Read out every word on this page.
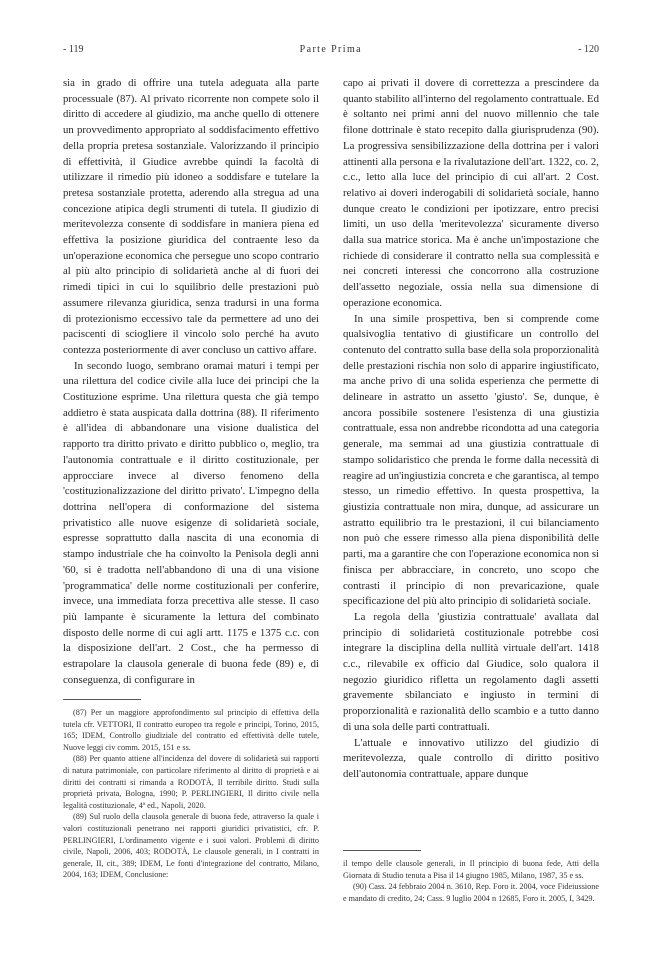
- 119	Parte Prima	- 120

sia in grado di offrire una tutela adeguata alla parte processuale (87). Al privato ricorrente non compete solo il diritto di accedere al giudizio, ma anche quello di ottenere un provvedimento appropriato al soddisfacimento effettivo della propria pretesa sostanziale. Valorizzando il principio di effettività, il Giudice avrebbe quindi la facoltà di utilizzare il rimedio più idoneo a soddisfare e tutelare la pretesa sostanziale protetta, aderendo alla stregua ad una concezione atipica degli strumenti di tutela. Il giudizio di meritevolezza consente di soddisfare in maniera piena ed effettiva la posizione giuridica del contraente leso da un'operazione economica che persegue uno scopo contrario al più alto principio di solidarietà anche al di fuori dei rimedi tipici in cui lo squilibrio delle prestazioni può assumere rilevanza giuridica, senza tradursi in una forma di protezionismo eccessivo tale da permettere ad uno dei paciscenti di sciogliere il vincolo solo perché ha avuto contezza posteriormente di aver concluso un cattivo affare.

In secondo luogo, sembrano oramai maturi i tempi per una rilettura del codice civile alla luce dei principi che la Costituzione esprime. Una rilettura questa che già tempo addietro è stata auspicata dalla dottrina (88). Il riferimento è all'idea di abbandonare una visione dualistica del rapporto tra diritto privato e diritto pubblico o, meglio, tra l'autonomia contrattuale e il diritto costituzionale, per approcciare invece al diverso fenomeno della 'costituzionalizzazione del diritto privato'. L'impegno della dottrina nell'opera di conformazione del sistema privatistico alle nuove esigenze di solidarietà sociale, espresse soprattutto dalla nascita di una economia di stampo industriale che ha coinvolto la Penisola degli anni '60, si è tradotta nell'abbandono di una di una visione 'programmatica' delle norme costituzionali per conferire, invece, una immediata forza precettiva alle stesse. Il caso più lampante è sicuramente la lettura del combinato disposto delle norme di cui agli artt. 1175 e 1375 c.c. con la disposizione dell'art. 2 Cost., che ha permesso di estrapolare la clausola generale di buona fede (89) e, di conseguenza, di configurare in

capo ai privati il dovere di correttezza a prescindere da quanto stabilito all'interno del regolamento contrattuale. Ed è soltanto nei primi anni del nuovo millennio che tale filone dottrinale è stato recepito dalla giurisprudenza (90). La progressiva sensibilizzazione della dottrina per i valori attinenti alla persona e la rivalutazione dell'art. 1322, co. 2, c.c., letto alla luce del principio di cui all'art. 2 Cost. relativo ai doveri inderogabili di solidarietà sociale, hanno dunque creato le condizioni per ipotizzare, entro precisi limiti, un uso della 'meritevolezza' sicuramente diverso dalla sua matrice storica. Ma è anche un'impostazione che richiede di considerare il contratto nella sua complessità e nei concreti interessi che concorrono alla costruzione dell'assetto negoziale, ossia nella sua dimensione di operazione economica.

In una simile prospettiva, ben si comprende come qualsivoglia tentativo di giustificare un controllo del contenuto del contratto sulla base della sola proporzionalità delle prestazioni rischia non solo di apparire ingiustificato, ma anche privo di una solida esperienza che permette di delineare in astratto un assetto 'giusto'. Se, dunque, è ancora possibile sostenere l'esistenza di una giustizia contrattuale, essa non andrebbe ricondotta ad una categoria generale, ma semmai ad una giustizia contrattuale di stampo solidaristico che prenda le forme dalla necessità di reagire ad un'ingiustizia concreta e che garantisca, al tempo stesso, un rimedio effettivo. In questa prospettiva, la giustizia contrattuale non mira, dunque, ad assicurare un astratto equilibrio tra le prestazioni, il cui bilanciamento non può che essere rimesso alla piena disponibilità delle parti, ma a garantire che con l'operazione economica non si finisca per abbracciare, in concreto, uno scopo che contrasti il principio di non prevaricazione, quale specificazione del più alto principio di solidarietà sociale.

La regola della 'giustizia contrattuale' avallata dal principio di solidarietà costituzionale potrebbe così integrare la disciplina della nullità virtuale dell'art. 1418 c.c., rilevabile ex officio dal Giudice, solo qualora il negozio giuridico rifletta un regolamento dagli assetti gravemente sbilanciato e ingiusto in termini di proporzionalità e razionalità dello scambio e a tutto danno di una sola delle parti contrattuali.

L'attuale e innovativo utilizzo del giudizio di meritevolezza, quale controllo di diritto positivo dell'autonomia contrattuale, appare dunque

(87) Per un maggiore approfondimento sul principio di effettiva della tutela cfr. VETTORI, Il contratto europeo tra regole e principi, Torino, 2015, 165; IDEM, Controllo giudiziale del contratto ed effettività delle tutele, Nuove leggi civ comm. 2015, 151 e ss.

(88) Per quanto attiene all'incidenza del dovere di solidarietà sui rapporti di natura patrimoniale, con particolare riferimento al diritto di proprietà e ai diritti dei contratti si rimanda a RODOTÀ, Il terribile diritto. Studi sulla proprietà privata, Bologna, 1990; P. PERLINGIERI, Il diritto civile nella legalità costituzionale, 4ª ed., Napoli, 2020.

(89) Sul ruolo della clausola generale di buona fede, attraverso la quale i valori costituzionali penetrano nei rapporti giuridici privatistici, cfr. P. PERLINGIERI, L'ordinamento vigente e i suoi valori. Problemi di diritto civile, Napoli, 2006, 403; RODOTÀ, Le clausole generali, in I contratti in generale, II, cit., 389; IDEM, Le fonti d'integrazione del contratto, Milano, 2004, 163; IDEM, Conclusione:

il tempo delle clausole generali, in Il principio di buona fede, Atti della Giornata di Studio tenuta a Pisa il 14 giugno 1985, Milano, 1987, 35 e ss.

(90) Cass. 24 febbraio 2004 n. 3610, Rep. Foro it. 2004, voce Fideiussione e mandato di credito, 24; Cass. 9 luglio 2004 n 12685, Foro it. 2005, I, 3429.
